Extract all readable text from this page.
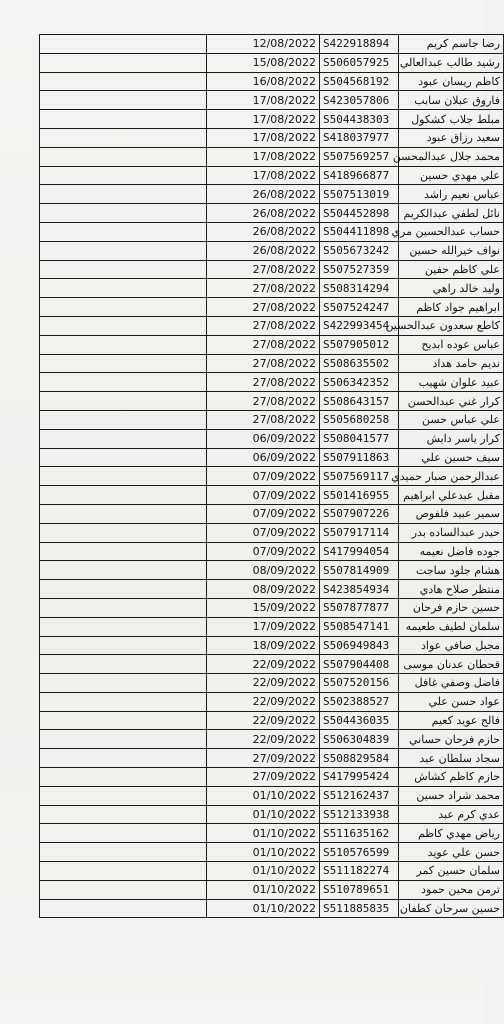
	12/08/2022	S422918894	رضا جاسم كريم
	15/08/2022	S506057925	رشيد طالب عبدالعالي
	16/08/2022	S504568192	كاظم ريسان عبود
	17/08/2022	S423057806	فاروق عبلان سابب
	17/08/2022	S504438303	مبلط جلاب كشكول
	17/08/2022	S418037977	سعيد رزاق عبود
	17/08/2022	S507569257	محمد جلال عبدالمحسن
	17/08/2022	S418966877	علي مهدي حسين
	26/08/2022	S507513019	عباس نعيم راشد
	26/08/2022	S504452898	نائل لطفي عبدالكريم
	26/08/2022	S504411898	حساب عبدالحسين مري
	26/08/2022	S505673242	نواف خيرالله حسين
	27/08/2022	S507527359	علي كاظم حفين
	27/08/2022	S508314294	وليد خالد راهي
	27/08/2022	S507524247	ابراهيم جواد كاظم
	27/08/2022	S422993454	كاطع سعدون عبدالحسين
	27/08/2022	S507905012	عباس عوده ابديح
	27/08/2022	S508635502	نديم حامد هداد
	27/08/2022	S506342352	عبيد علوان شهيب
	27/08/2022	S508643157	كرار غني عبدالحسن
	27/08/2022	S505680258	علي عباس حسن
	06/09/2022	S508041577	كرار ياسر دايش
	06/09/2022	S507911863	سيف حسين علي
	07/09/2022	S507569117	عبدالرحمن صبار حميدي
	07/09/2022	S501416955	مقبل عبدعلي ابراهيم
	07/09/2022	S507907226	سمير عبيد فلفوص
	07/09/2022	S507917114	حيدر عبدالساده بدر
	07/09/2022	S417994054	جوده فاضل نعيمه
	08/09/2022	S507814909	هشام جلود ساجت
	08/09/2022	S423854934	منتظر صلاح هادي
	15/09/2022	S507877877	حسين حازم فرحان
	17/09/2022	S508547141	سلمان لطيف طعيمه
	18/09/2022	S506949843	مجبل صافي عواد
	22/09/2022	S507904408	قحطان عدنان موسى
	22/09/2022	S507520156	فاضل وصفي غافل
	22/09/2022	S502388527	عواد حسن علي
	22/09/2022	S504436035	فالح عويد كعيم
	22/09/2022	S506304839	حازم فرحان حساني
	27/09/2022	S508829584	سجاد سلطان عبد
	27/09/2022	S417995424	حازم كاظم كشاش
	01/10/2022	S512162437	محمد شراد حسين
	01/10/2022	S512133938	عدي كرم عبد
	01/10/2022	S511635162	رياض مهدي كاظم
	01/10/2022	S510576599	حسن علي عويد
	01/10/2022	S511182274	سلمان حسين كمر
	01/10/2022	S510789651	ترمن محين حمود
	01/10/2022	S511885835	حسين سرحان كطفان
